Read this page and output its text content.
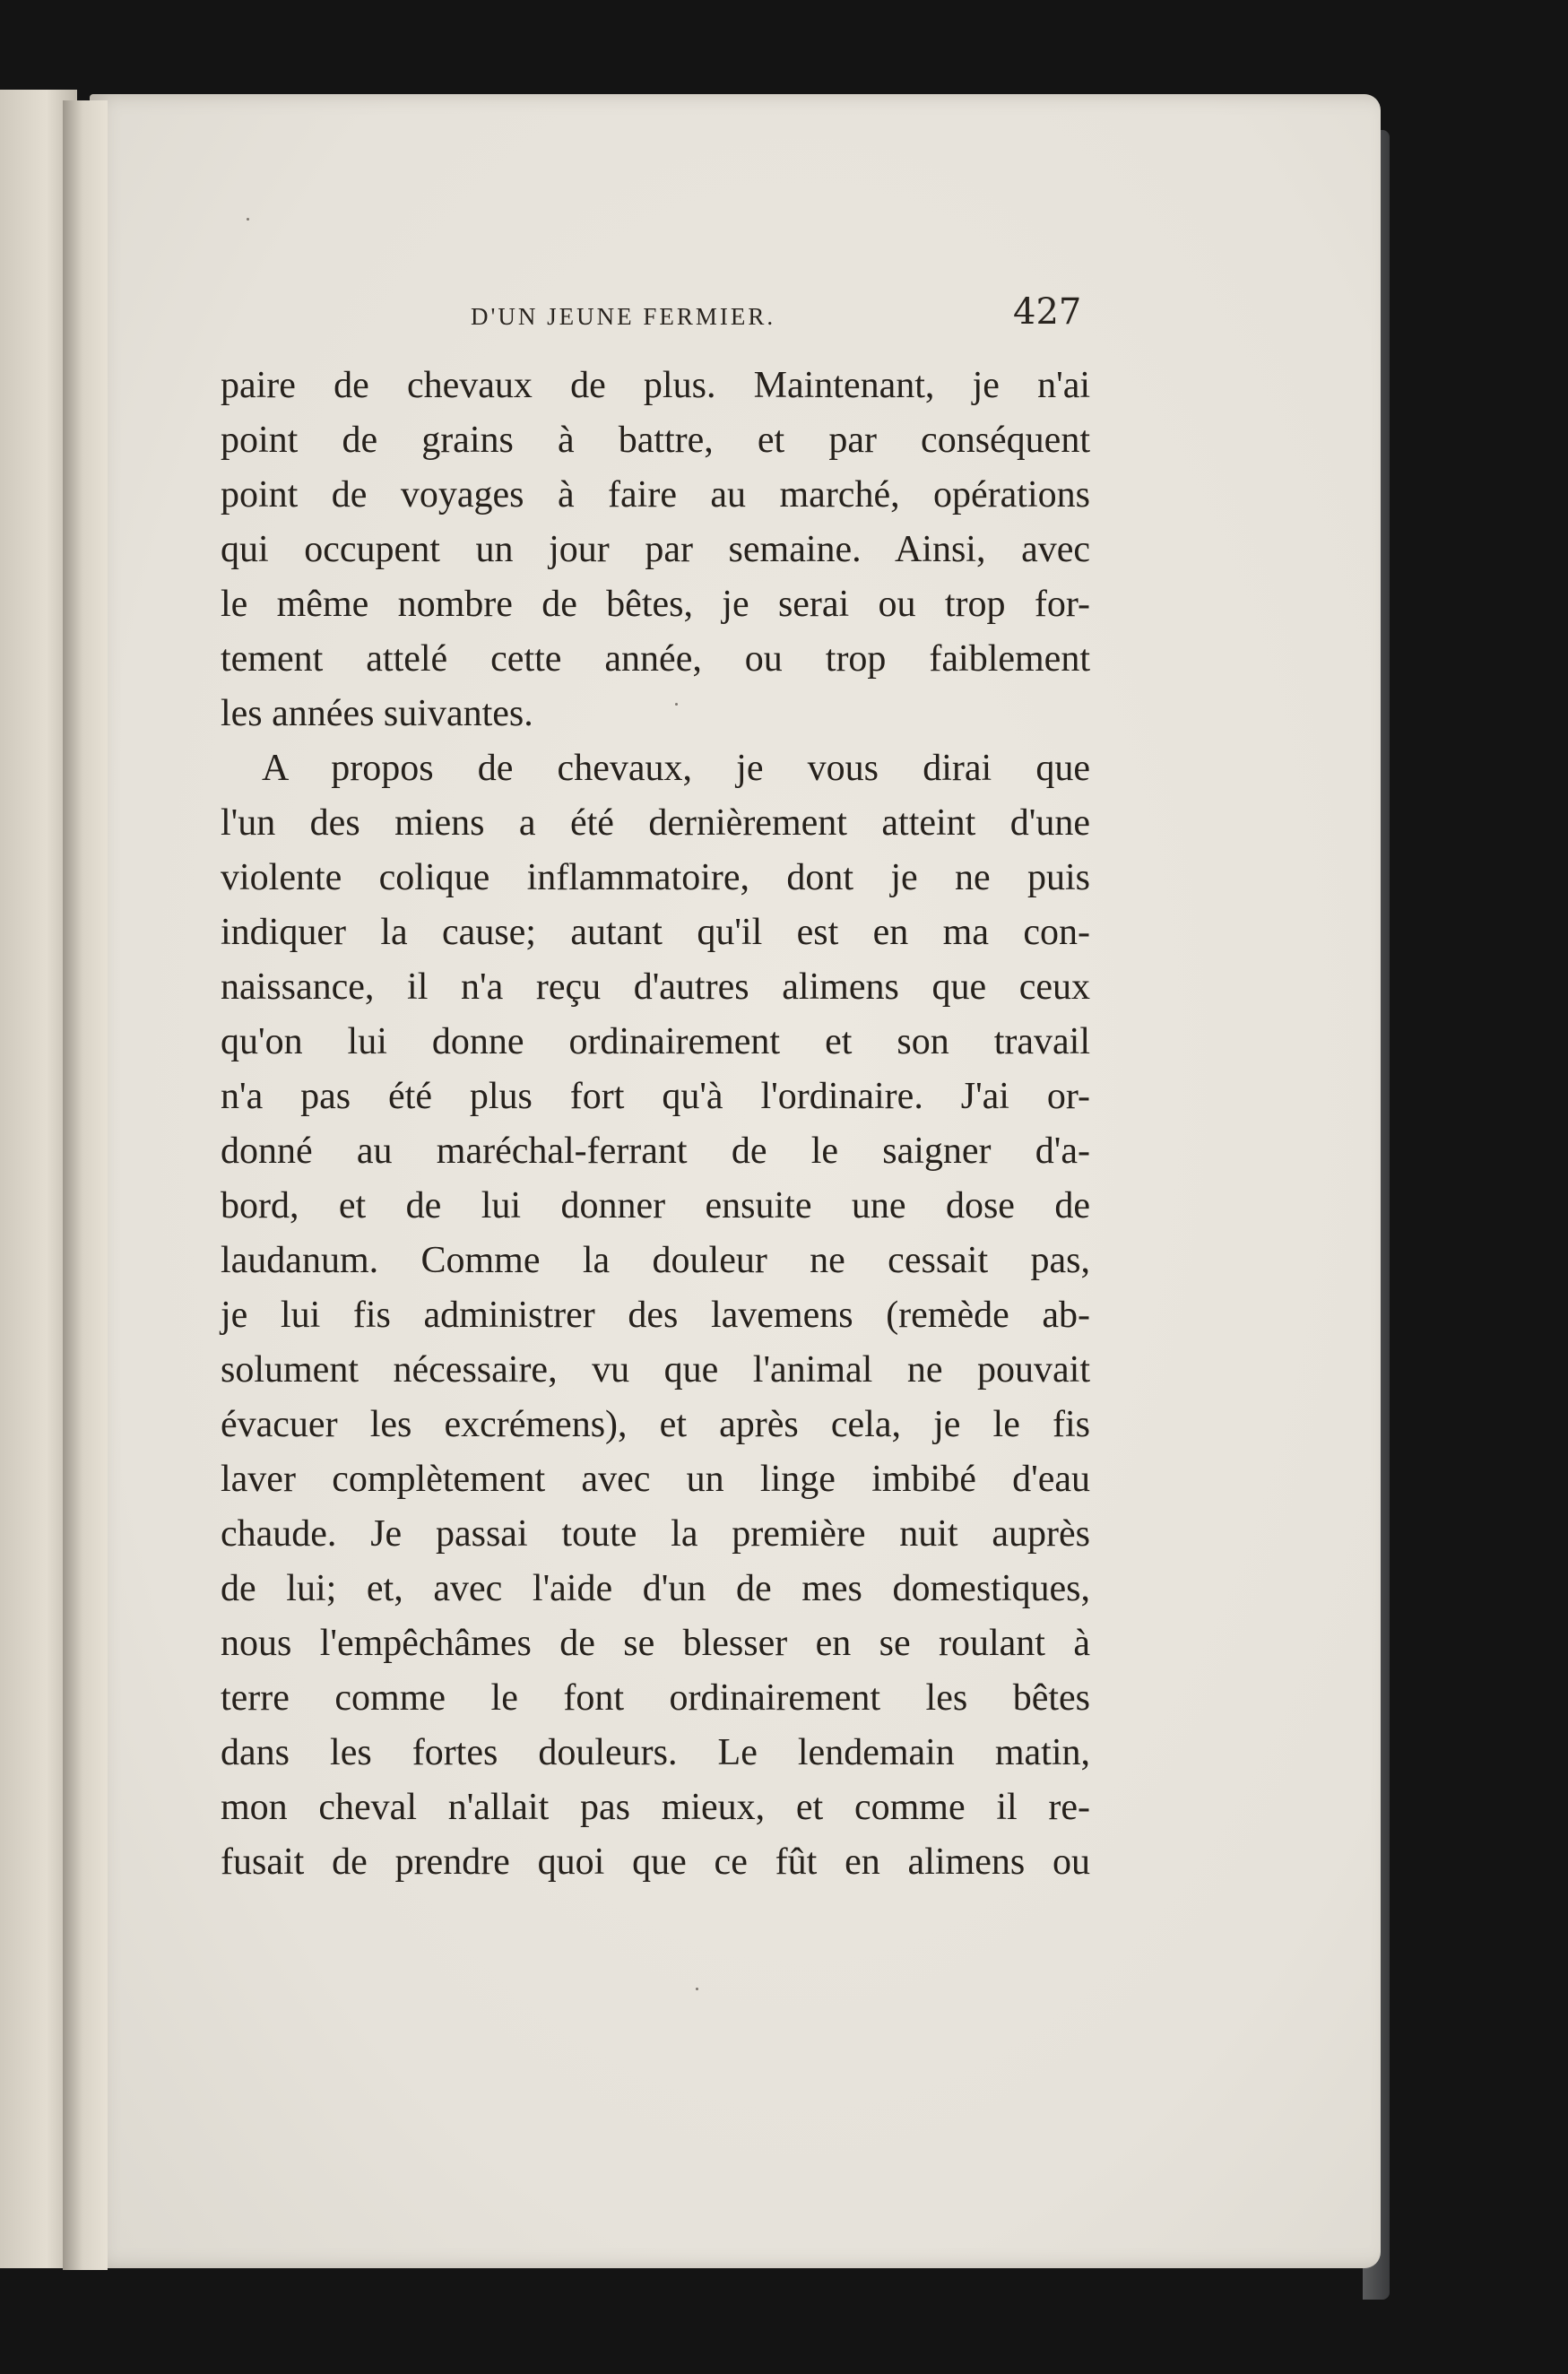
D'UN JEUNE FERMIER.	427

paire de chevaux de plus. Maintenant, je n'ai

point de grains à battre, et par conséquent

point de voyages à faire au marché, opérations

qui occupent un jour par semaine. Ainsi, avec

le même nombre de bêtes, je serai ou trop for-

tement attelé cette année, ou trop faiblement

les années suivantes.

A propos de chevaux, je vous dirai que

l'un des miens a été dernièrement atteint d'une

violente colique inflammatoire, dont je ne puis

indiquer la cause; autant qu'il est en ma con-

naissance, il n'a reçu d'autres alimens que ceux

qu'on lui donne ordinairement et son travail

n'a pas été plus fort qu'à l'ordinaire. J'ai or-

donné au maréchal-ferrant de le saigner d'a-

bord, et de lui donner ensuite une dose de

laudanum. Comme la douleur ne cessait pas,

je lui fis administrer des lavemens (remède ab-

solument nécessaire, vu que l'animal ne pouvait

évacuer les excrémens), et après cela, je le fis

laver complètement avec un linge imbibé d'eau

chaude. Je passai toute la première nuit auprès

de lui; et, avec l'aide d'un de mes domestiques,

nous l'empêchâmes de se blesser en se roulant à

terre comme le font ordinairement les bêtes

dans les fortes douleurs. Le lendemain matin,

mon cheval n'allait pas mieux, et comme il re-

fusait de prendre quoi que ce fût en alimens ou
